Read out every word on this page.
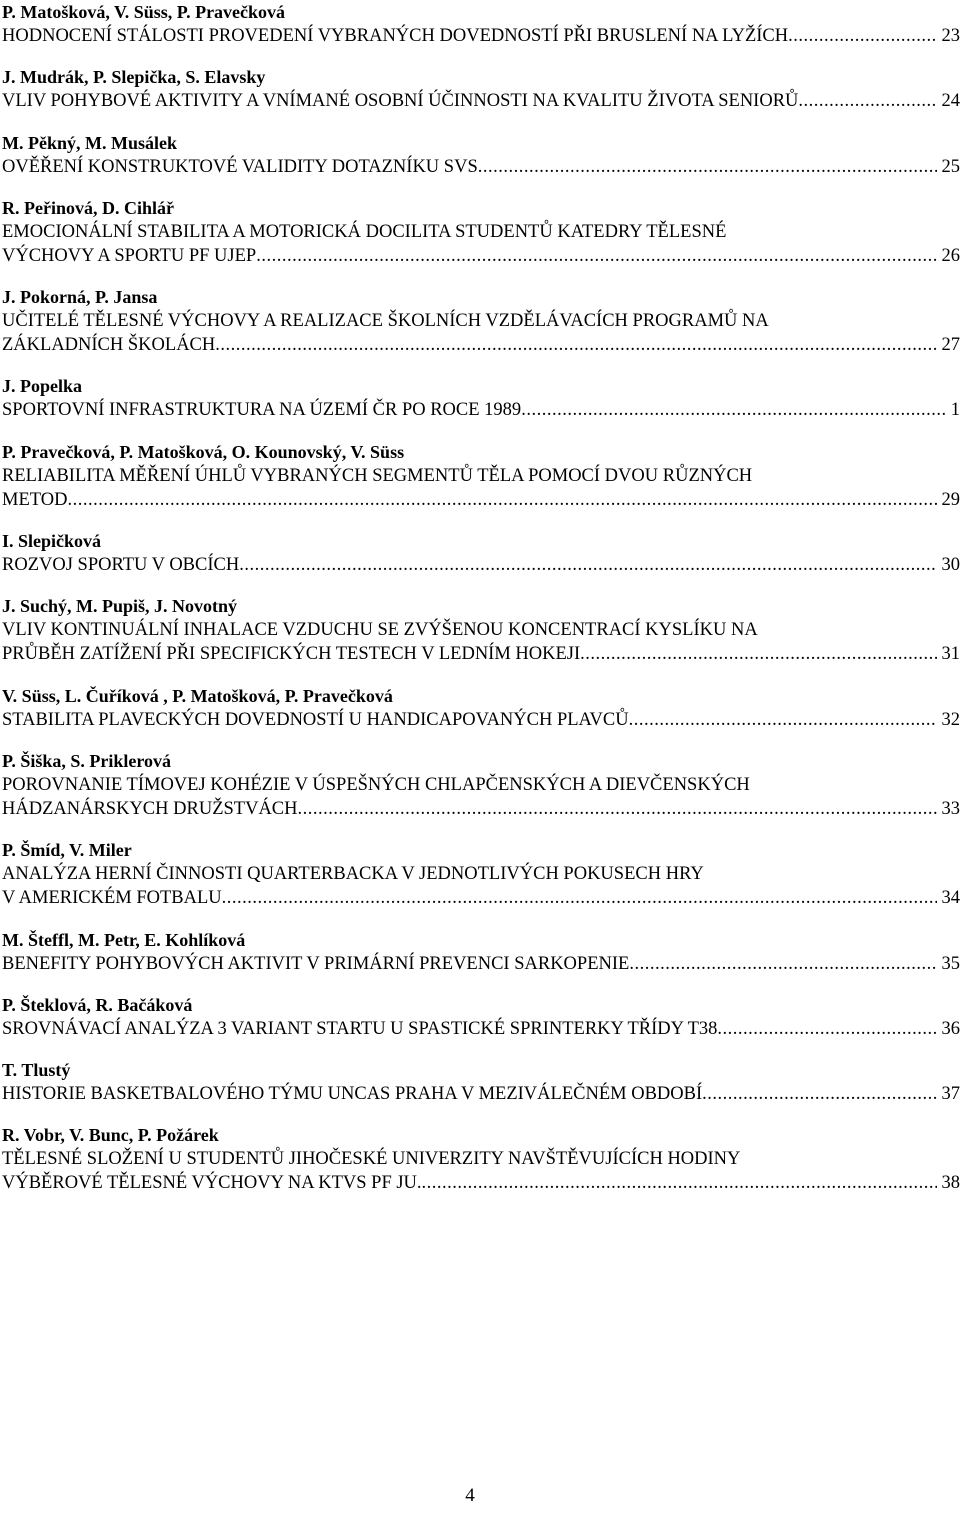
P. Matošková, V. Süss, P. Pravečková
HODNOCENÍ STÁLOSTI PROVEDENÍ VYBRANÝCH DOVEDNOSTÍ PŘI BRUSLENÍ NA LYŽÍCH .....	23
J. Mudrák, P. Slepička, S. Elavsky
VLIV POHYBOVÉ AKTIVITY A VNÍMANÉ OSOBNÍ ÚČINNOSTI NA KVALITU ŽIVOTA SENIORŮ .....	24
M. Pěkný, M. Musálek
OVĚŘENÍ KONSTRUKTOVÉ VALIDITY DOTAZNÍKU SVS .....	25
R. Peřinová, D. Cihlář
EMOCIONÁLNÍ STABILITA A MOTORICKÁ DOCILITA STUDENTŮ KATEDRY TĚLESNÉ
VÝCHOVY A SPORTU PF UJEP .....	26
J. Pokorná, P. Jansa
UČITELÉ TĚLESNÉ VÝCHOVY A REALIZACE ŠKOLNÍCH VZDĚLÁVACÍCH PROGRAMŮ NA
ZÁKLADNÍCH ŠKOLÁCH .....	27
J. Popelka
SPORTOVNÍ INFRASTRUKTURA NA ÚZEMÍ ČR PO ROCE 1989 .....	1
P. Pravečková, P. Matošková, O. Kounovský, V. Süss
RELIABILITA MĚŘENÍ ÚHLŮ VYBRANÝCH SEGMENTŮ TĚLA POMOCÍ DVOU RŮZNÝCH
METOD .....	29
I. Slepičková
ROZVOJ SPORTU V OBCÍCH .....	30
J. Suchý, M. Pupiš, J. Novotný
VLIV KONTINUÁLNÍ INHALACE VZDUCHU SE ZVÝŠENOU KONCENTRACÍ KYSLÍKU NA
PRŮBĚH ZATÍŽENÍ PŘI SPECIFICKÝCH TESTECH V LEDNÍM HOKEJI .....	31
V. Süss, L. Čuříková , P. Matošková, P. Pravečková
STABILITA PLAVECKÝCH DOVEDNOSTÍ U HANDICAPOVANÝCH PLAVCŮ .....	32
P. Šiška, S. Priklerová
POROVNANIE TÍMOVEJ KOHÉZIE V ÚSPEŠNÝCH CHLAPČENSKÝCH A DIEVČENSKÝCH
HÁDZANÁRSKYCH DRUŽSTVÁCH .....	33
P. Šmíd, V. Miler
ANALÝZA HERNÍ ČINNOSTI QUARTERBACKA V JEDNOTLIVÝCH POKUSECH HRY
V AMERICKÉM FOTBALU .....	34
M. Šteffl, M. Petr, E. Kohlíková
BENEFITY POHYBOVÝCH AKTIVIT V PRIMÁRNÍ PREVENCI SARKOPENIE .....	35
P. Šteklová, R. Bačáková
SROVNÁVACÍ ANALÝZA 3 VARIANT STARTU U SPASTICKÉ SPRINTERKY TŘÍDY T38 .....	36
T. Tlustý
HISTORIE BASKETBALOVÉHO TÝMU UNCAS PRAHA V MEZIVÁLEČNÉM OBDOBÍ .....	37
R. Vobr, V. Bunc, P. Požárek
TĚLESNÉ SLOŽENÍ U STUDENTŮ JIHOČESKÉ UNIVERZITY NAVŠTĚVUJÍCÍCH HODINY
VÝBĚROVÉ TĚLESNÉ VÝCHOVY NA KTVS PF JU. .....	38
4
